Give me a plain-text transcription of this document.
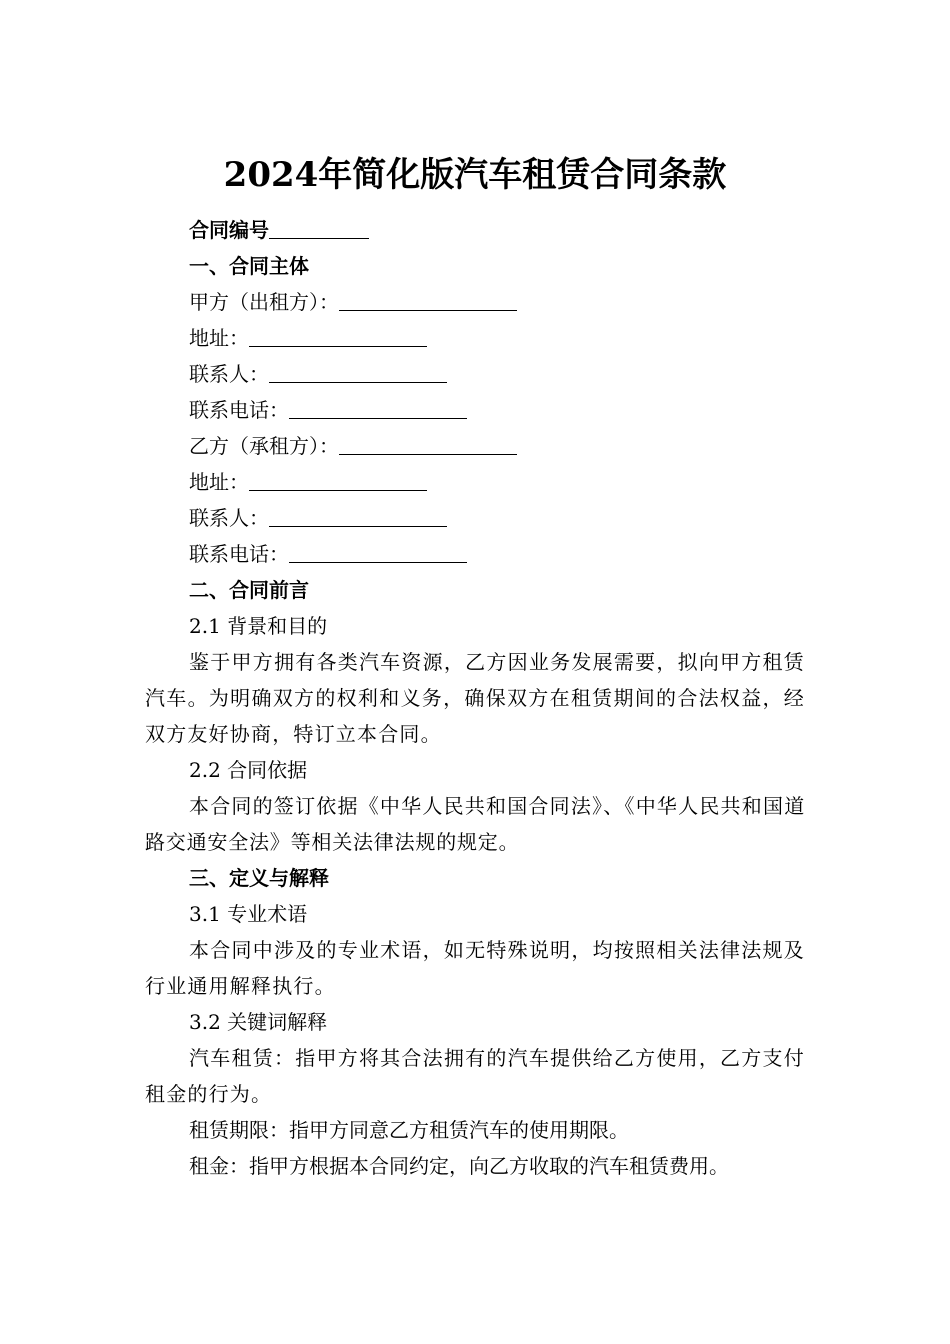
2024年简化版汽车租赁合同条款

合同编号

一、合同主体

甲方（出租方）：

地址：

联系人：

联系电话：

乙方（承租方）：

地址：

联系人：

联系电话：

二、合同前言

2.1 背景和目的

鉴于甲方拥有各类汽车资源，乙方因业务发展需要，拟向甲方租赁汽车。为明确双方的权利和义务，确保双方在租赁期间的合法权益，经双方友好协商，特订立本合同。

2.2 合同依据

本合同的签订依据《中华人民共和国合同法》、《中华人民共和国道路交通安全法》等相关法律法规的规定。

三、定义与解释

3.1 专业术语

本合同中涉及的专业术语，如无特殊说明，均按照相关法律法规及行业通用解释执行。

3.2 关键词解释

汽车租赁：指甲方将其合法拥有的汽车提供给乙方使用，乙方支付租金的行为。

租赁期限：指甲方同意乙方租赁汽车的使用期限。

租金：指甲方根据本合同约定，向乙方收取的汽车租赁费用。
